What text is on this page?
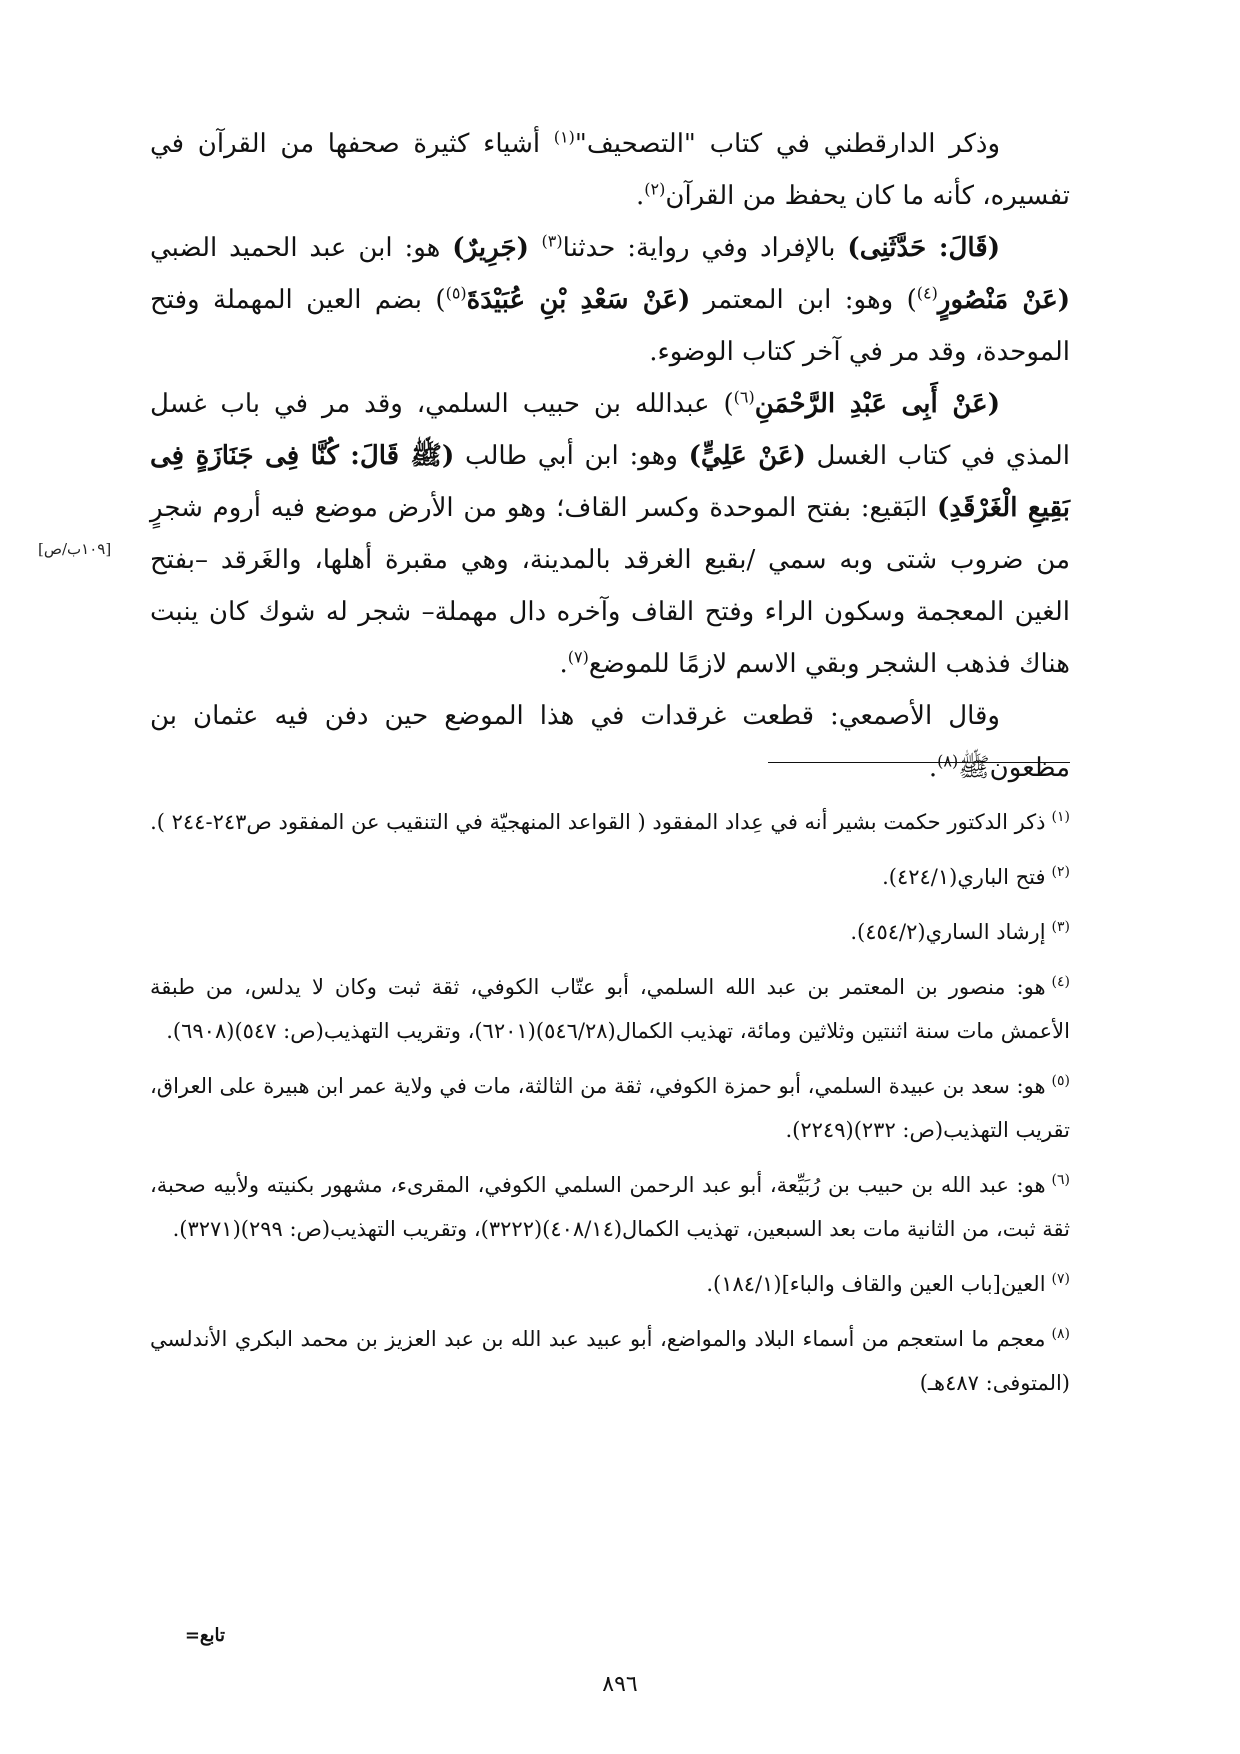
وذكر الدارقطني في كتاب "التصحيف"$^{(١)}$ أشياء كثيرة صحفها من القرآن في تفسيره، كأنه ما كان يحفظ من القرآن$^{(٢)}$.

(قَالَ: حَدَّثَنِى) بالإفراد وفي رواية: حدثنا$^{(٣)}$ (جَرِيرٌ) هو: ابن عبد الحميد الضبي (عَنْ مَنْصُورٍ$^{(٤)}$) وهو: ابن المعتمر (عَنْ سَعْدِ بْنِ عُبَيْدَةَ$^{(٥)}$) بضم العين المهملة وفتح الموحدة، وقد مر في آخر كتاب الوضوء.

(عَنْ أَبِى عَبْدِ الرَّحْمَنِ$^{(٦)}$) عبدالله بن حبيب السلمي، وقد مر في باب غسل المذي في كتاب الغسل (عَنْ عَلِيٍّ) وهو: ابن أبي طالب (ﷺ قَالَ: كُنَّا فِى جَنَازَةٍ فِى بَقِيعِ الْغَرْقَدِ) البَقيع: بفتح الموحدة وكسر القاف؛ وهو من الأرض موضع فيه أروم شجرٍ من ضروب شتى وبه سمي /بقيع الغرقد بالمدينة، وهي مقبرة أهلها، والغَرقد –بفتح الغين المعجمة وسكون الراء وفتح القاف وآخره دال مهملة– شجر له شوك كان ينبت هناك فذهب الشجر وبقي الاسم لازمًا للموضع$^{(٧)}$.

وقال الأصمعي: قطعت غرقدات في هذا الموضع حين دفن فيه عثمان بن مظعونﷺ$^{(٨)}$.

[١٠٩ب/ص]

$^{(١)}$ذكر الدكتور حكمت بشير أنه في عِداد المفقود ( القواعد المنهجيّة في التنقيب عن المفقود ص٢٤٣-٢٤٤ ).

$^{(٢)}$فتح الباري(٤٢٤/١).

$^{(٣)}$إرشاد الساري(٤٥٤/٢).

$^{(٤)}$هو: منصور بن المعتمر بن عبد الله السلمي، أبو عتّاب الكوفي، ثقة ثبت وكان لا يدلس، من طبقة الأعمش مات سنة اثنتين وثلاثين ومائة، تهذيب الكمال(٥٤٦/٢٨)(٦٢٠١)، وتقريب التهذيب(ص: ٥٤٧)(٦٩٠٨).

$^{(٥)}$هو: سعد بن عبيدة السلمي، أبو حمزة الكوفي، ثقة من الثالثة، مات في ولاية عمر ابن هبيرة على العراق، تقريب التهذيب(ص: ٢٣٢)(٢٢٤٩).

$^{(٦)}$هو: عبد الله بن حبيب بن رُبَيِّعة، أبو عبد الرحمن السلمي الكوفي، المقرىء، مشهور بكنيته ولأبيه صحبة، ثقة ثبت، من الثانية مات بعد السبعين، تهذيب الكمال(٤٠٨/١٤)(٣٢٢٢)، وتقريب التهذيب(ص: ٢٩٩)(٣٢٧١).

$^{(٧)}$العين[باب العين والقاف والباء](١٨٤/١).

$^{(٨)}$معجم ما استعجم من أسماء البلاد والمواضع، أبو عبيد عبد الله بن عبد العزيز بن محمد البكري الأندلسي (المتوفى: ٤٨٧هـ)

تابع=
٨٩٦
